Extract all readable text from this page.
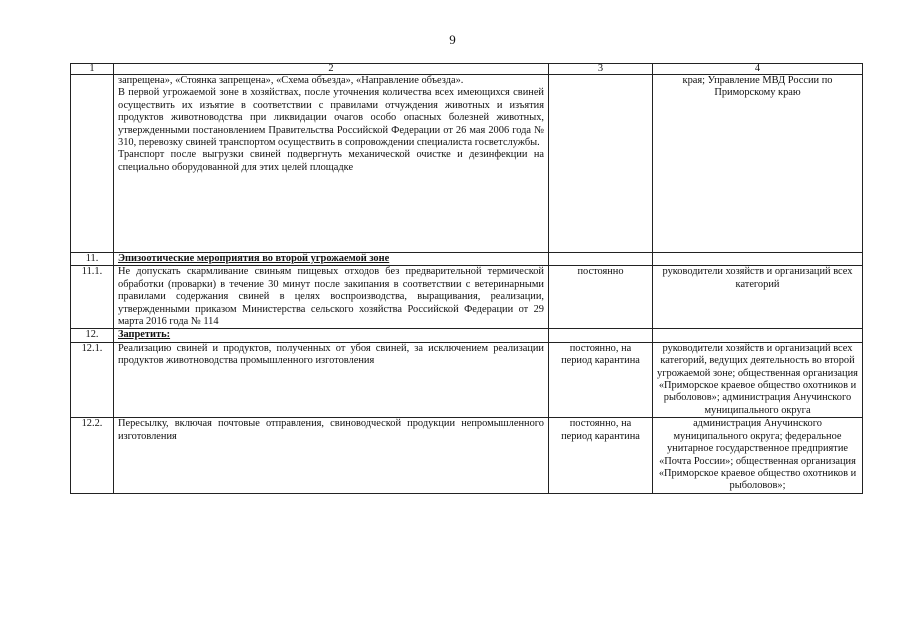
9
1	2	3	4

	запрещена», «Стоянка запрещена», «Схема объезда», «Направление объезда».
В первой угрожаемой зоне в хозяйствах, после уточнения количества всех имеющихся свиней осуществить их изъятие в соответствии с правилами отчуждения животных и изъятия продуктов животноводства при ликвидации очагов особо опасных болезней животных, утвержденными постановлением Правительства Российской Федерации от 26 мая 2006 года № 310, перевозку свиней транспортом осуществить в сопровождении специалиста госветслужбы.
Транспорт после выгрузки свиней подвергнуть механической очистке и дезинфекции на специально оборудованной для этих целей площадке		края; Управление МВД России по Приморскому краю
11.	Эпизоотические мероприятия во второй угрожаемой зоне		
11.1.	Не допускать скармливание свиньям пищевых отходов без предварительной термической обработки (проварки) в течение 30 минут после закипания в соответствии с ветеринарными правилами содержания свиней в целях воспроизводства, выращивания, реализации, утвержденными приказом Министерства сельского хозяйства Российской Федерации от 29 марта 2016 года № 114	постоянно	руководители хозяйств и организаций всех категорий
12.	Запретить:		
12.1.	Реализацию свиней и продуктов, полученных от убоя свиней, за исключением реализации продуктов животноводства промышленного изготовления	постоянно, на период карантина	руководители хозяйств и организаций всех категорий, ведущих деятельность во второй угрожаемой зоне; общественная организация «Приморское краевое общество охотников и рыболовов»; администрация Анучинского муниципального округа
12.2.	Пересылку, включая почтовые отправления, свиноводческой продукции непромышленного изготовления	постоянно, на период карантина	администрация Анучинского муниципального округа; федеральное унитарное государственное предприятие «Почта России»; общественная организация «Приморское краевое общество охотников и рыболовов»;
